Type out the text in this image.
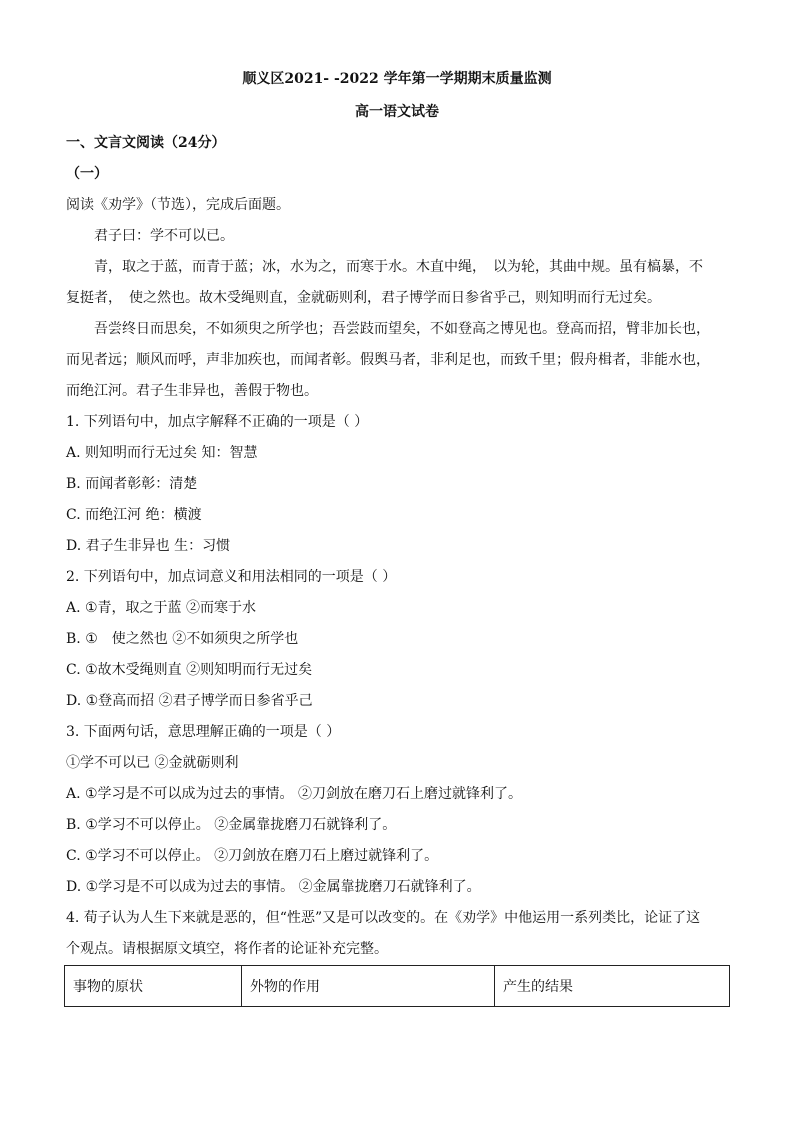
顺义区2021- -2022 学年第一学期期末质量监测
高一语文试卷
一、文言文阅读（24分）
（一）
阅读《劝学》（节选），完成后面题。
君子曰：学不可以已。
青，取之于蓝，而青于蓝；冰，水为之，而寒于水。木直中绳，　以为轮，其曲中规。虽有槁暴，不
复挺者，　使之然也。故木受绳则直，金就砺则利，君子博学而日参省乎己，则知明而行无过矣。
吾尝终日而思矣，不如须臾之所学也；吾尝跂而望矣，不如登高之博见也。登高而招，臂非加长也，
而见者远；顺风而呼，声非加疾也，而闻者彰。假舆马者，非利足也，而致千里；假舟楫者，非能水也，
而绝江河。君子生非异也，善假于物也。
1. 下列语句中，加点字解释不正确的一项是（ ）
A. 则知明而行无过矣 知：智慧
B. 而闻者彰彰：清楚
C. 而绝江河 绝：横渡
D. 君子生非异也 生：习惯
2. 下列语句中，加点词意义和用法相同的一项是（ ）
A. ①青，取之于蓝 ②而寒于水
B. ①　使之然也 ②不如须臾之所学也
C. ①故木受绳则直 ②则知明而行无过矣
D. ①登高而招 ②君子博学而日参省乎己
3. 下面两句话，意思理解正确的一项是（ ）
①学不可以已 ②金就砺则利
A. ①学习是不可以成为过去的事情。 ②刀剑放在磨刀石上磨过就锋利了。
B. ①学习不可以停止。 ②金属靠拢磨刀石就锋利了。
C. ①学习不可以停止。 ②刀剑放在磨刀石上磨过就锋利了。
D. ①学习是不可以成为过去的事情。 ②金属靠拢磨刀石就锋利了。
4. 荀子认为人生下来就是恶的，但“性恶”又是可以改变的。在《劝学》中他运用一系列类比，论证了这
个观点。请根据原文填空，将作者的论证补充完整。
事物的原状	外物的作用	产生的结果
